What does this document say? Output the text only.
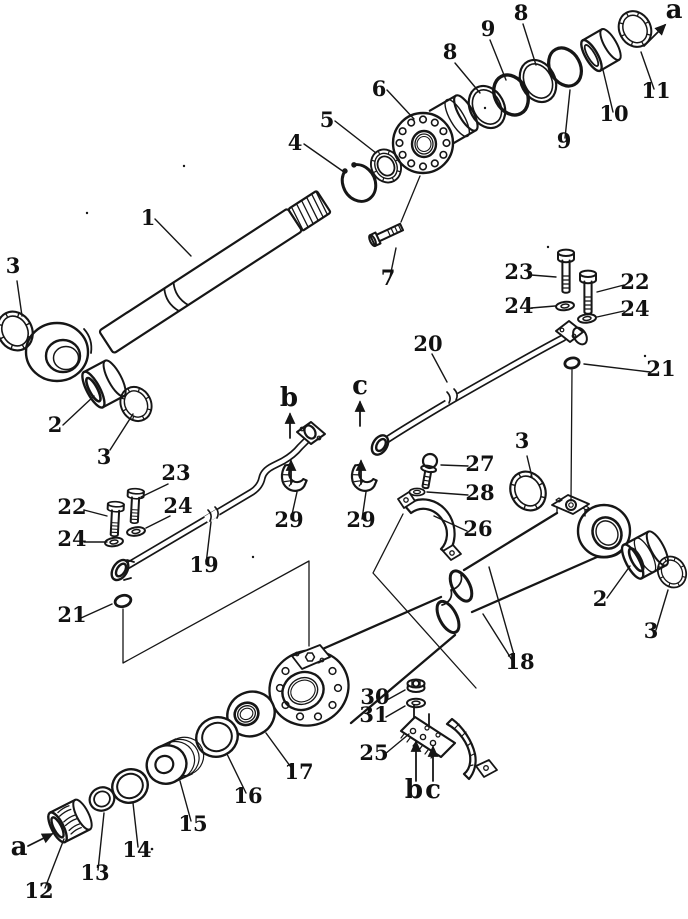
1
2
3
3
4
5
6
7
8
9
8
9
10
11
12
13
14
15
16
17
18
19
20
21
21
22
22
23
23
24
24
24	24
25
26
27
28
29 29
30
31
2
3
3
a
a
b c
b c
